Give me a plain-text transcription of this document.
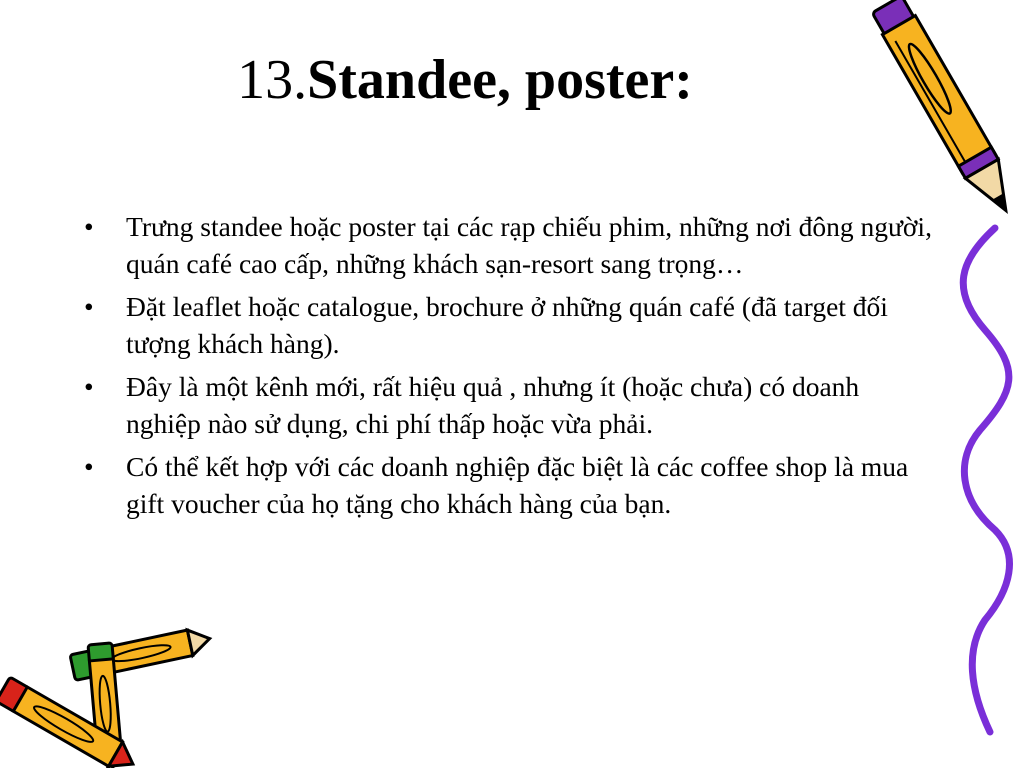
13.Standee, poster:
•	Trưng standee hoặc poster tại các rạp chiếu phim, những nơi đông người, quán café cao cấp, những khách sạn-resort sang trọng…
•	Đặt leaflet hoặc catalogue, brochure ở những quán café (đã target đối tượng khách hàng).
•	Đây là một kênh mới, rất hiệu quả , nhưng ít (hoặc chưa) có doanh nghiệp nào sử dụng, chi phí thấp hoặc vừa phải.
•	Có thể kết hợp với các doanh nghiệp đặc biệt là các coffee shop là mua gift voucher của họ tặng cho khách hàng của bạn.
